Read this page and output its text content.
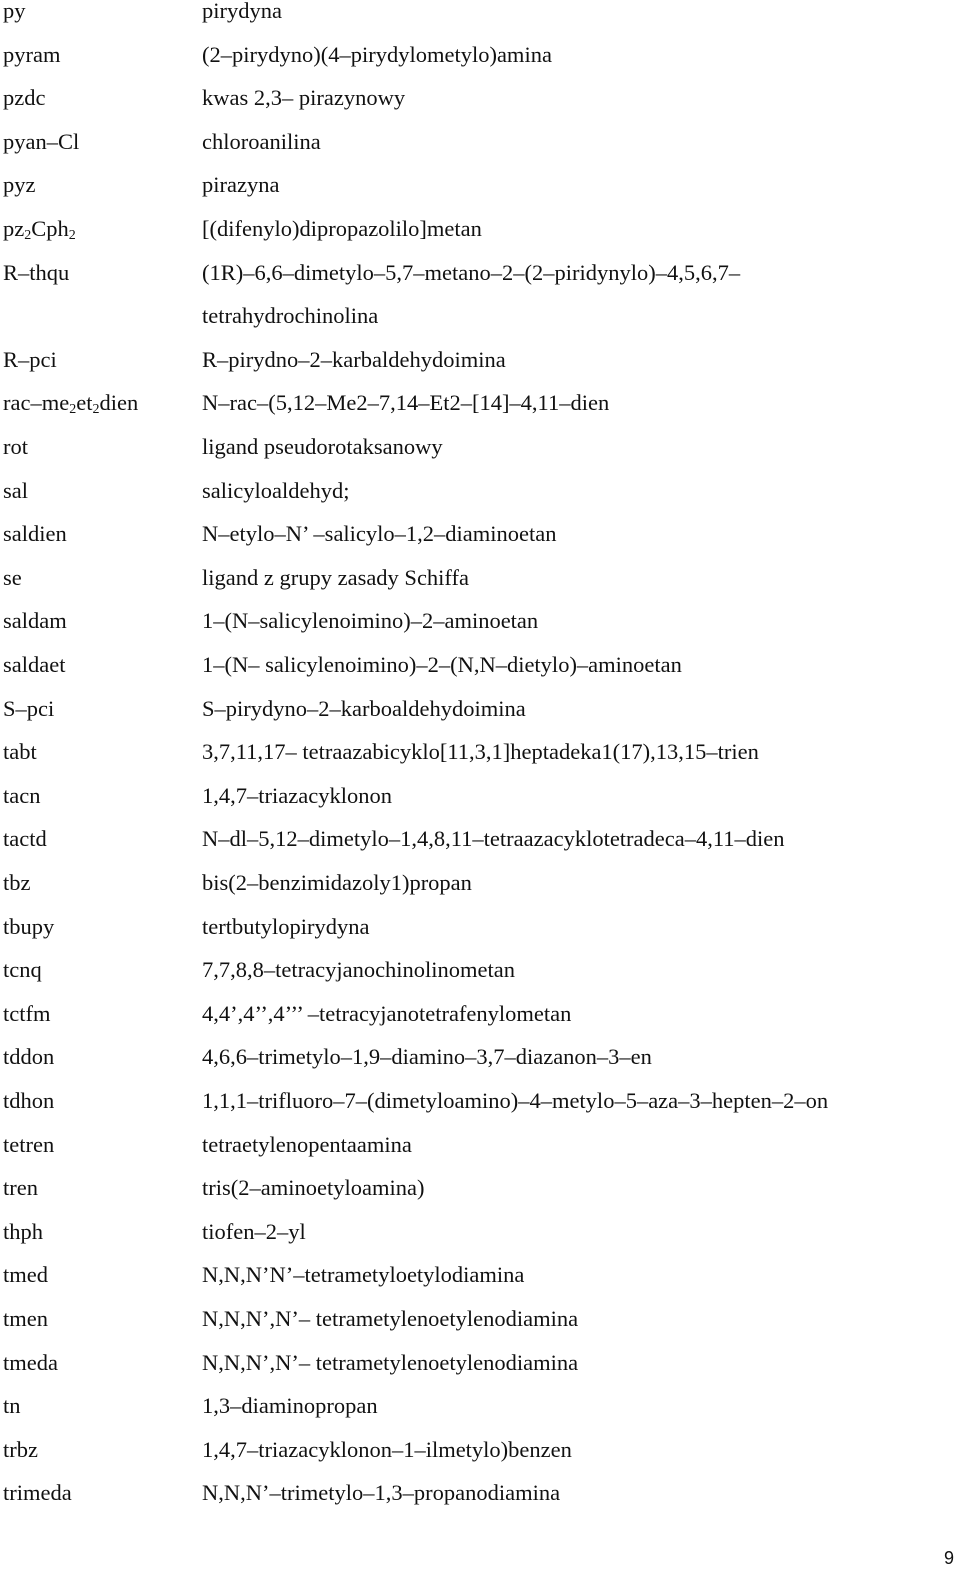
py	pirydyna
pyram	(2–pirydyno)(4–pirydylometylo)amina
pzdc	kwas 2,3– pirazynowy
pyan–Cl	chloroanilina
pyz	pirazyna
$pz_2Cph_2$	[(difenylo)dipropazolilo]metan
R–thqu	(1R)–6,6–dimetylo–5,7–metano–2–(2–piridynylo)–4,5,6,7–
tetrahydrochinolina
R–pci	R–pirydno–2–karbaldehydoimina
rac–$me_2et_2dien$	N–rac–(5,12–Me2–7,14–Et2–[14]–4,11–dien
rot	ligand pseudorotaksanowy
sal	salicyloaldehyd;
saldien	N–etylo–N’ –salicylo–1,2–diaminoetan
se	ligand z grupy zasady Schiffa
saldam	1–(N–salicylenoimino)–2–aminoetan
saldaet	1–(N– salicylenoimino)–2–(N,N–dietylo)–aminoetan
S–pci	S–pirydyno–2–karboaldehydoimina
tabt	3,7,11,17– tetraazabicyklo[11,3,1]heptadeka1(17),13,15–trien
tacn	1,4,7–triazacyklonon
tactd	N–dl–5,12–dimetylo–1,4,8,11–tetraazacyklotetradeca–4,11–dien
tbz	bis(2–benzimidazoly1)propan
tbupy	tertbutylopirydyna
tcnq	7,7,8,8–tetracyjanochinolinometan
tctfm	4,4’,4’’,4’’’ –tetracyjanotetrafenylometan
tddon	4,6,6–trimetylo–1,9–diamino–3,7–diazanon–3–en
tdhon	1,1,1–trifluoro–7–(dimetyloamino)–4–metylo–5–aza–3–hepten–2–on
tetren	tetraetylenopentaamina
tren	tris(2–aminoetyloamina)
thph	tiofen–2–yl
tmed	N,N,N’N’–tetrametyloetylodiamina
tmen	N,N,N’,N’– tetrametylenoetylenodiamina
tmeda	N,N,N’,N’– tetrametylenoetylenodiamina
tn	1,3–diaminopropan
trbz	1,4,7–triazacyklonon–1–ilmetylo)benzen
trimeda	N,N,N’–trimetylo–1,3–propanodiamina
9
